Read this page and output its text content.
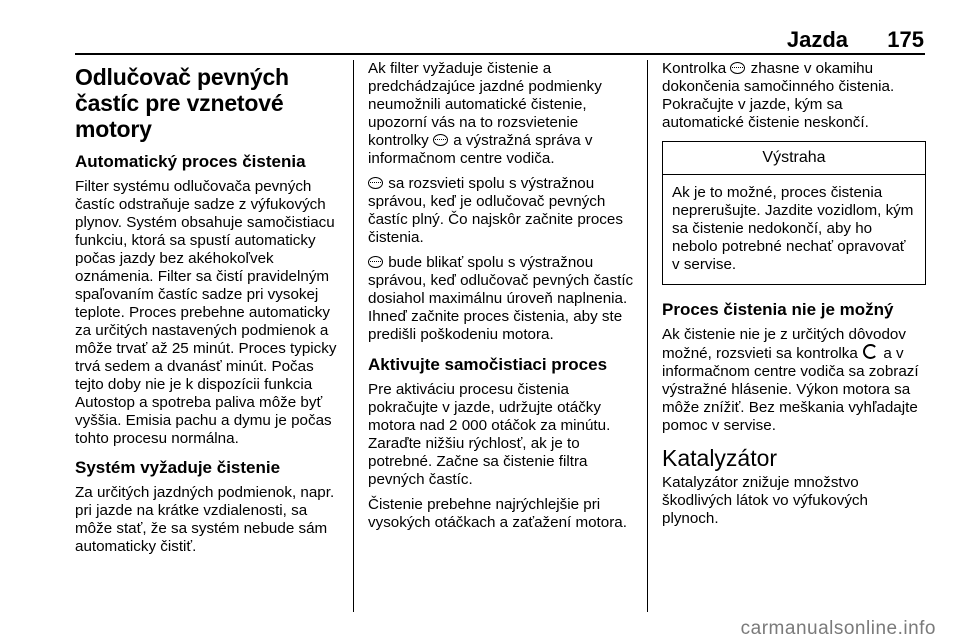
Jazda 175
Odlučovač pevných častíc pre vznetové motory
Automatický proces čistenia

Filter systému odlučovača pevných častíc odstraňuje sadze z výfukových plynov. Systém obsahuje samočistiacu funkciu, ktorá sa spustí automaticky počas jazdy bez akéhokoľvek oznámenia. Filter sa čistí pravidelným spaľovaním častíc sadze pri vysokej teplote. Proces prebehne automaticky za určitých nastavených podmienok a môže trvať až 25 minút. Proces typicky trvá sedem a dvanásť minút. Počas tejto doby nie je k dispozícii funkcia Autostop a spotreba paliva môže byť vyššia. Emisia pachu a dymu je počas tohto procesu normálna.

Systém vyžaduje čistenie

Za určitých jazdných podmienok, napr. pri jazde na krátke vzdialenosti, sa môže stať, že sa systém nebude sám automaticky čistiť.

Ak filter vyžaduje čistenie a predchádzajúce jazdné podmienky neumožnili automatické čistenie, upozorní vás na to rozsvietenie kontrolky a výstražná správa v informačnom centre vodiča.

sa rozsvieti spolu s výstražnou správou, keď je odlučovač pevných častíc plný. Čo najskôr začnite proces čistenia.

bude blikať spolu s výstražnou správou, keď odlučovač pevných častíc dosiahol maximálnu úroveň naplnenia. Ihneď začnite proces čistenia, aby ste predišli poškodeniu motora.

Aktivujte samočistiaci proces

Pre aktiváciu procesu čistenia pokračujte v jazde, udržujte otáčky motora nad 2 000 otáčok za minútu. Zaraďte nižšiu rýchlosť, ak je to potrebné. Začne sa čistenie filtra pevných častíc.

Čistenie prebehne najrýchlejšie pri vysokých otáčkach a zaťažení motora.

Kontrolka zhasne v okamihu dokončenia samočinného čistenia. Pokračujte v jazde, kým sa automatické čistenie neskončí.

Výstraha

Ak je to možné, proces čistenia neprerušujte. Jazdite vozidlom, kým sa čistenie nedokončí, aby ho nebolo potrebné nechať opravovať v servise.

Proces čistenia nie je možný

Ak čistenie nie je z určitých dôvodov možné, rozsvieti sa kontrolka a v informačnom centre vodiča sa zobrazí výstražné hlásenie. Výkon motora sa môže znížiť. Bez meškania vyhľadajte pomoc v servise.

Katalyzátor

Katalyzátor znižuje množstvo škodlivých látok vo výfukových plynoch.

carmanualsonline.info
